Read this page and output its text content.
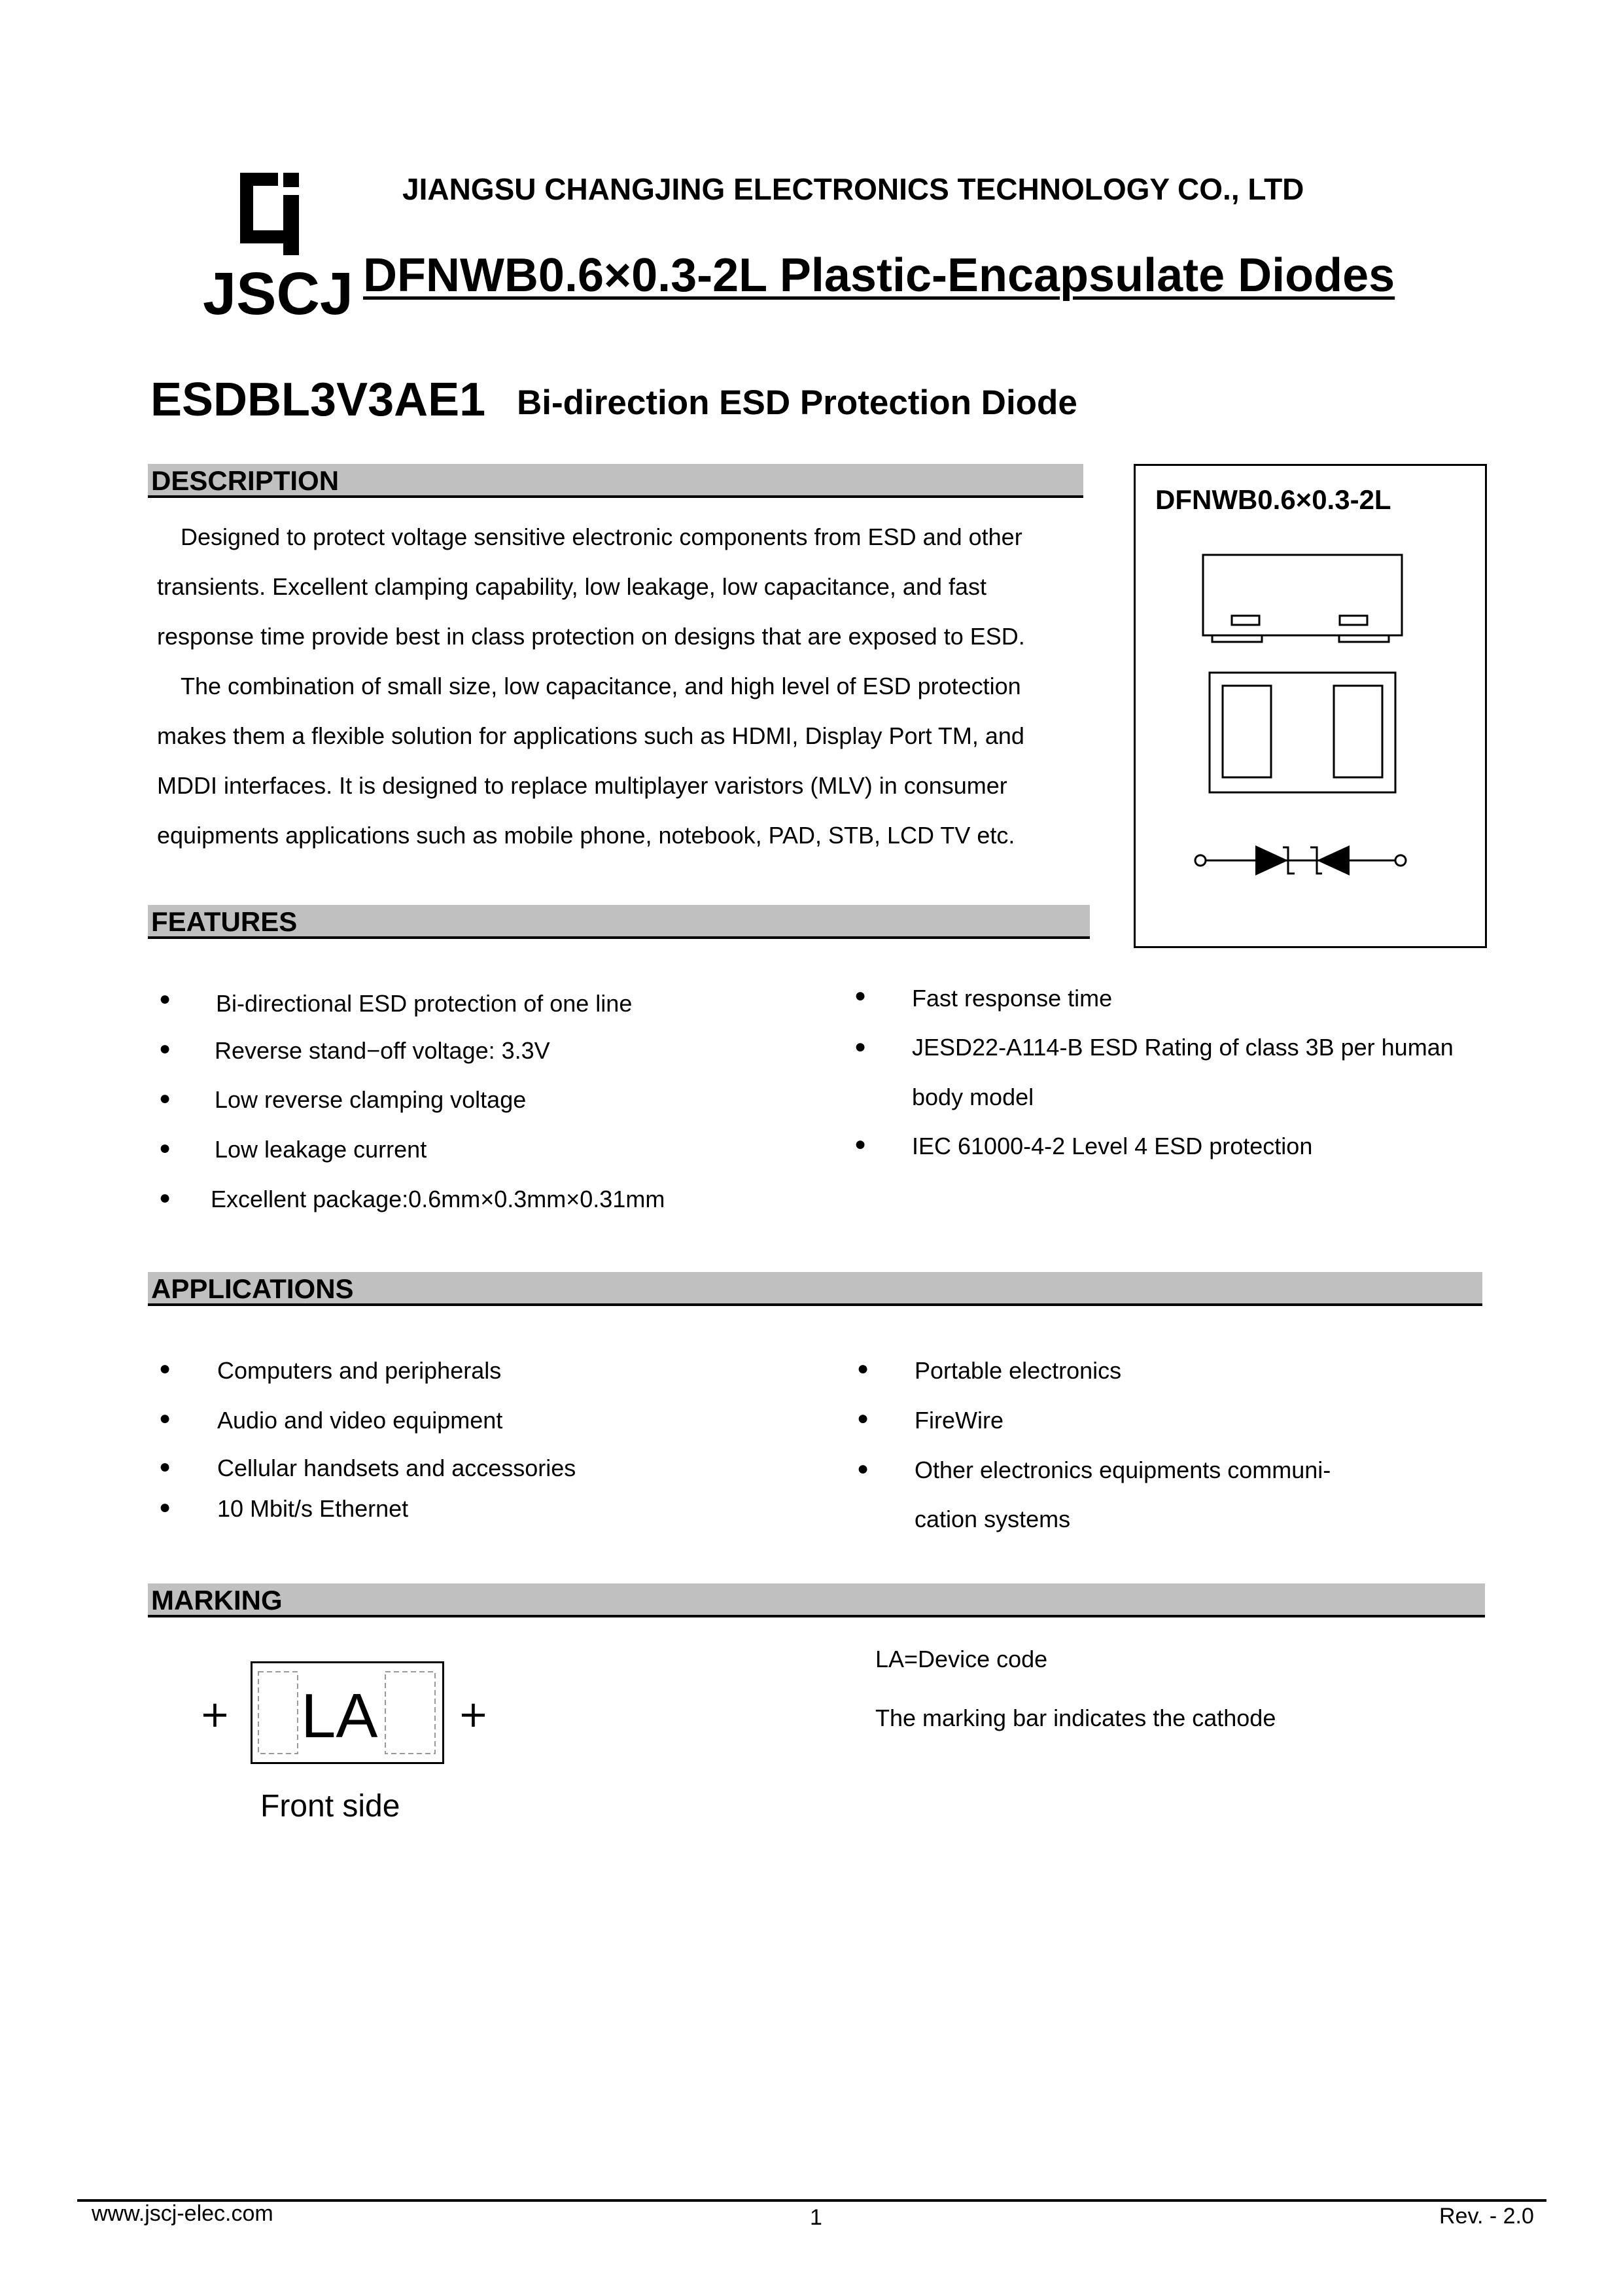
JSCJ
JIANGSU CHANGJING ELECTRONICS TECHNOLOGY CO., LTD
DFNWB0.6×0.3-2L Plastic-Encapsulate Diodes
ESDBL3V3AE1 Bi-direction ESD Protection Diode
DESCRIPTION

Designed to protect voltage sensitive electronic components from ESD and other

transients. Excellent clamping capability, low leakage, low capacitance, and fast

response time provide best in class protection on designs that are exposed to ESD.

The combination of small size, low capacitance, and high level of ESD protection

makes them a flexible solution for applications such as HDMI, Display Port TM, and

MDDI interfaces. It is designed to replace multiplayer varistors (MLV) in consumer

equipments applications such as mobile phone, notebook, PAD, STB, LCD TV etc.

DFNWB0.6×0.3-2L
FEATURES
● Bi-directional ESD protection of one line
● Reverse stand−off voltage: 3.3V
● Low reverse clamping voltage
● Low leakage current
● Excellent package:0.6mm×0.3mm×0.31mm
● Fast response time
● JESD22-A114-B ESD Rating of class 3B per human
body model
● IEC 61000-4-2 Level 4 ESD protection
APPLICATIONS
● Computers and peripherals
● Audio and video equipment
● Cellular handsets and accessories
● 10 Mbit/s Ethernet
● Portable electronics
● FireWire
● Other electronics equipments communi-
cation systems
MARKING
+ LA +
Front side
LA=Device code
The marking bar indicates the cathode
www.jscj-elec.com	1	Rev. - 2.0
